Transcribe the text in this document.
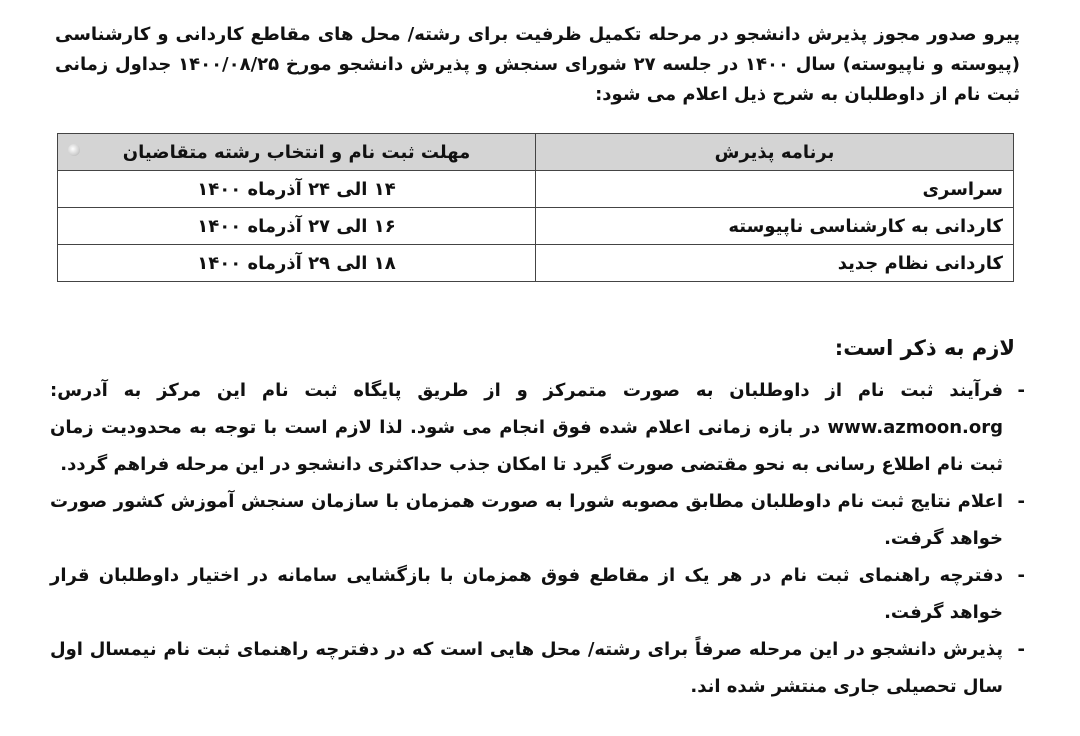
پیرو صدور مجوز پذیرش دانشجو در مرحله تکمیل ظرفیت برای رشته/ محل های مقاطع کاردانی و کارشناسی (پیوسته و ناپیوسته) سال ۱۴۰۰ در جلسه ۲۷ شورای سنجش و پذیرش دانشجو مورخ ۱۴۰۰/۰۸/۲۵ جداول زمانی ثبت نام از داوطلبان به شرح ذیل اعلام می شود:

برنامه پذیرش	مهلت ثبت نام و انتخاب رشته متقاضیان

سراسری	۱۴ الی ۲۴ آذرماه ۱۴۰۰
کاردانی به کارشناسی ناپیوسته	۱۶ الی ۲۷ آذرماه ۱۴۰۰
کاردانی نظام جدید	۱۸ الی ۲۹ آذرماه ۱۴۰۰
لازم به ذکر است:
-
فرآیند ثبت نام از داوطلبان به صورت متمرکز و از طریق پایگاه ثبت نام این مرکز به آدرس: www.azmoon.org در بازه زمانی اعلام شده فوق انجام می شود. لذا لازم است با توجه به محدودیت زمان ثبت نام اطلاع رسانی به نحو مقتضی صورت گیرد تا امکان جذب حداکثری دانشجو در این مرحله فراهم گردد.
-
اعلام نتایج ثبت نام داوطلبان مطابق مصوبه شورا به صورت همزمان با سازمان سنجش آموزش کشور صورت خواهد گرفت.
-
دفترچه راهنمای ثبت نام در هر یک از مقاطع فوق همزمان با بازگشایی سامانه در اختیار داوطلبان قرار خواهد گرفت.
-
پذیرش دانشجو در این مرحله صرفاً برای رشته/ محل هایی است که در دفترچه راهنمای ثبت نام نیمسال اول سال تحصیلی جاری منتشر شده اند.
